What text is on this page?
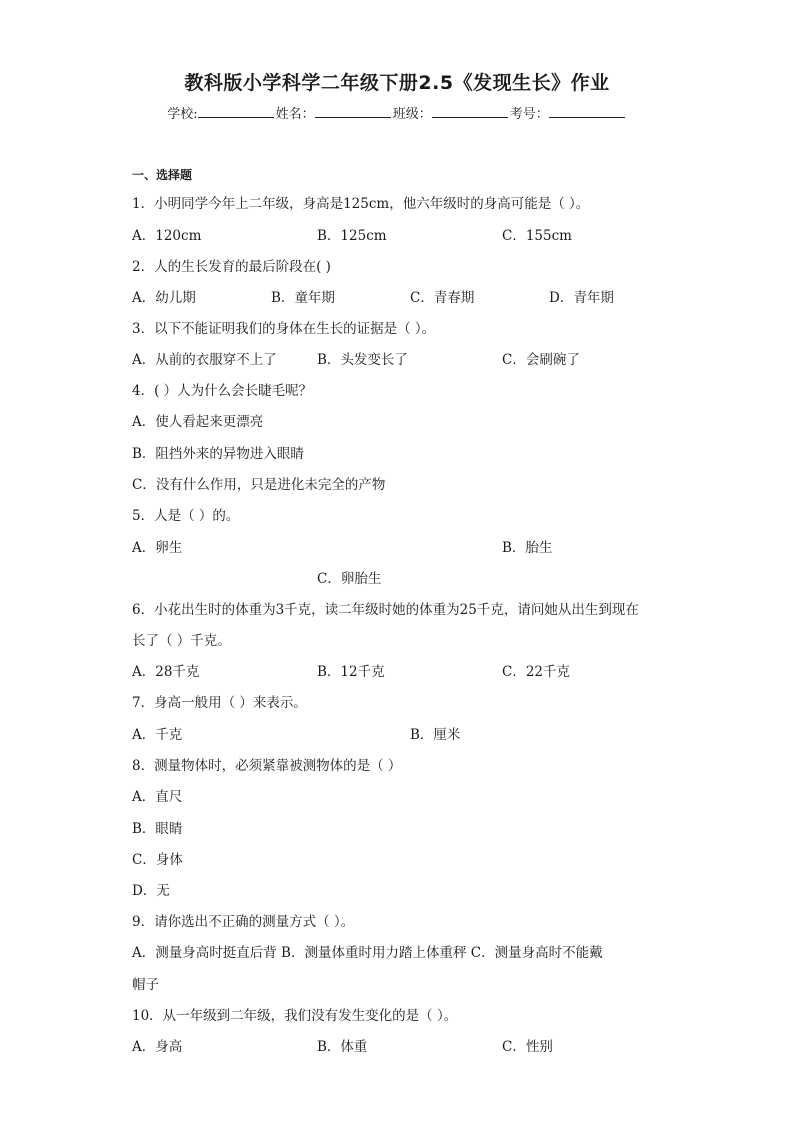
教科版小学科学二年级下册2.5《发现生长》作业
学校:	姓名：	班级：	考号：
一、选择题
1．小明同学今年上二年级，身高是125cm，他六年级时的身高可能是（ ）。
A．120cm	B．125cm	C．155cm
2．人的生长发育的最后阶段在( )
A．幼儿期	B．童年期	C．青春期	D．青年期
3．以下不能证明我们的身体在生长的证据是（ ）。
A．从前的衣服穿不上了	B．头发变长了	C．会刷碗了
4．( ）人为什么会长睫毛呢？
A．使人看起来更漂亮
B．阻挡外来的异物进入眼睛
C．没有什么作用，只是进化未完全的产物
5．人是（ ）的。
A．卵生	B．胎生
C．卵胎生
6．小花出生时的体重为3千克，读二年级时她的体重为25千克，请问她从出生到现在
长了（ ）千克。
A．28千克	B．12千克	C．22千克
7．身高一般用（ ）来表示。
A．千克	B．厘米
8．测量物体时，必须紧靠被测物体的是（ ）
A．直尺
B．眼睛
C．身体
D．无
9．请你选出不正确的测量方式（ ）。
A．测量身高时挺直后背 B．测量体重时用力踏上体重秤 C．测量身高时不能戴
帽子
10．从一年级到二年级，我们没有发生变化的是（ ）。
A．身高	B．体重	C．性别
